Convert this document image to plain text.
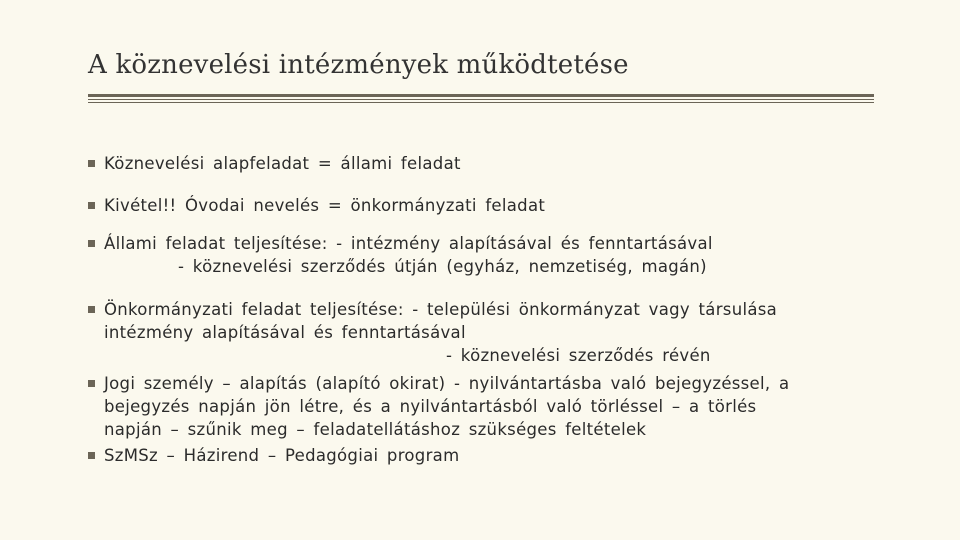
A köznevelési intézmények működtetése
Köznevelési alapfeladat = állami feladat
Kivétel!! Óvodai nevelés = önkormányzati feladat
Állami feladat teljesítése: - intézmény alapításával és fenntartásával
- köznevelési szerződés útján (egyház, nemzetiség, magán)
Önkormányzati feladat teljesítése: - települési önkormányzat vagy társulása
intézmény alapításával és fenntartásával
- köznevelési szerződés révén
Jogi személy – alapítás (alapító okirat) - nyilvántartásba való bejegyzéssel, a
bejegyzés napján jön létre, és a nyilvántartásból való törléssel – a törlés
napján – szűnik meg – feladatellátáshoz szükséges feltételek
SzMSz – Házirend – Pedagógiai program
